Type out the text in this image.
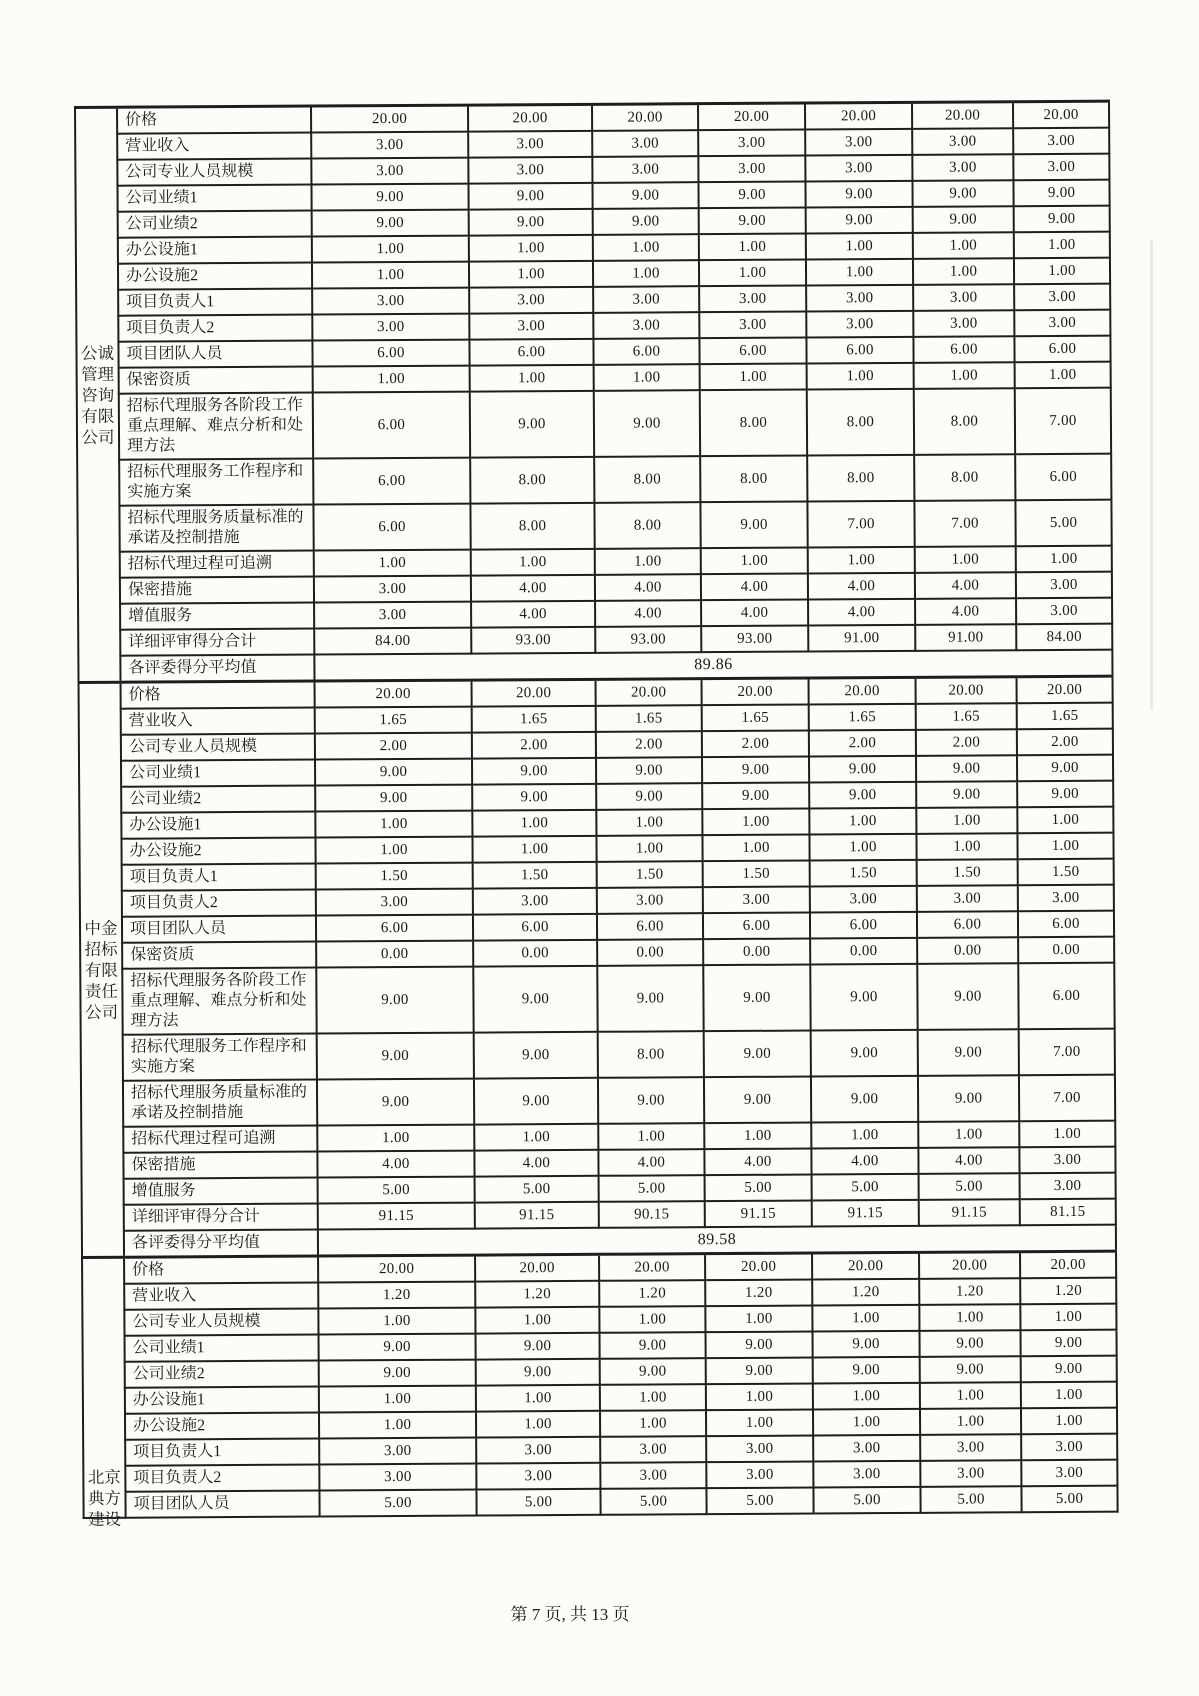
公诚
管理
咨询
有限
公司	价格	20.00	20.00	20.00	20.00	20.00	20.00	20.00
	营业收入	3.00	3.00	3.00	3.00	3.00	3.00	3.00
	公司专业人员规模	3.00	3.00	3.00	3.00	3.00	3.00	3.00
	公司业绩1	9.00	9.00	9.00	9.00	9.00	9.00	9.00
	公司业绩2	9.00	9.00	9.00	9.00	9.00	9.00	9.00
	办公设施1	1.00	1.00	1.00	1.00	1.00	1.00	1.00
	办公设施2	1.00	1.00	1.00	1.00	1.00	1.00	1.00
	项目负责人1	3.00	3.00	3.00	3.00	3.00	3.00	3.00
	项目负责人2	3.00	3.00	3.00	3.00	3.00	3.00	3.00
	项目团队人员	6.00	6.00	6.00	6.00	6.00	6.00	6.00
	保密资质	1.00	1.00	1.00	1.00	1.00	1.00	1.00
	招标代理服务各阶段工作重点理解、难点分析和处理方法	6.00	9.00	9.00	8.00	8.00	8.00	7.00
	招标代理服务工作程序和实施方案	6.00	8.00	8.00	8.00	8.00	8.00	6.00
	招标代理服务质量标准的承诺及控制措施	6.00	8.00	8.00	9.00	7.00	7.00	5.00
	招标代理过程可追溯	1.00	1.00	1.00	1.00	1.00	1.00	1.00
	保密措施	3.00	4.00	4.00	4.00	4.00	4.00	3.00
	增值服务	3.00	4.00	4.00	4.00	4.00	4.00	3.00
	详细评审得分合计	84.00	93.00	93.00	93.00	91.00	91.00	84.00
	各评委得分平均值	89.86						

中金
招标
有限
责任
公司	价格	20.00	20.00	20.00	20.00	20.00	20.00	20.00
	营业收入	1.65	1.65	1.65	1.65	1.65	1.65	1.65
	公司专业人员规模	2.00	2.00	2.00	2.00	2.00	2.00	2.00
	公司业绩1	9.00	9.00	9.00	9.00	9.00	9.00	9.00
	公司业绩2	9.00	9.00	9.00	9.00	9.00	9.00	9.00
	办公设施1	1.00	1.00	1.00	1.00	1.00	1.00	1.00
	办公设施2	1.00	1.00	1.00	1.00	1.00	1.00	1.00
	项目负责人1	1.50	1.50	1.50	1.50	1.50	1.50	1.50
	项目负责人2	3.00	3.00	3.00	3.00	3.00	3.00	3.00
	项目团队人员	6.00	6.00	6.00	6.00	6.00	6.00	6.00
	保密资质	0.00	0.00	0.00	0.00	0.00	0.00	0.00
	招标代理服务各阶段工作重点理解、难点分析和处理方法	9.00	9.00	9.00	9.00	9.00	9.00	6.00
	招标代理服务工作程序和实施方案	9.00	9.00	8.00	9.00	9.00	9.00	7.00
	招标代理服务质量标准的承诺及控制措施	9.00	9.00	9.00	9.00	9.00	9.00	7.00
	招标代理过程可追溯	1.00	1.00	1.00	1.00	1.00	1.00	1.00
	保密措施	4.00	4.00	4.00	4.00	4.00	4.00	3.00
	增值服务	5.00	5.00	5.00	5.00	5.00	5.00	3.00
	详细评审得分合计	91.15	91.15	90.15	91.15	91.15	91.15	81.15
	各评委得分平均值	89.58						

北京
典方
建设	价格	20.00	20.00	20.00	20.00	20.00	20.00	20.00
	营业收入	1.20	1.20	1.20	1.20	1.20	1.20	1.20
	公司专业人员规模	1.00	1.00	1.00	1.00	1.00	1.00	1.00
	公司业绩1	9.00	9.00	9.00	9.00	9.00	9.00	9.00
	公司业绩2	9.00	9.00	9.00	9.00	9.00	9.00	9.00
	办公设施1	1.00	1.00	1.00	1.00	1.00	1.00	1.00
	办公设施2	1.00	1.00	1.00	1.00	1.00	1.00	1.00
	项目负责人1	3.00	3.00	3.00	3.00	3.00	3.00	3.00
	项目负责人2	3.00	3.00	3.00	3.00	3.00	3.00	3.00
	项目团队人员	5.00	5.00	5.00	5.00	5.00	5.00	5.00
第 7 页, 共 13 页
